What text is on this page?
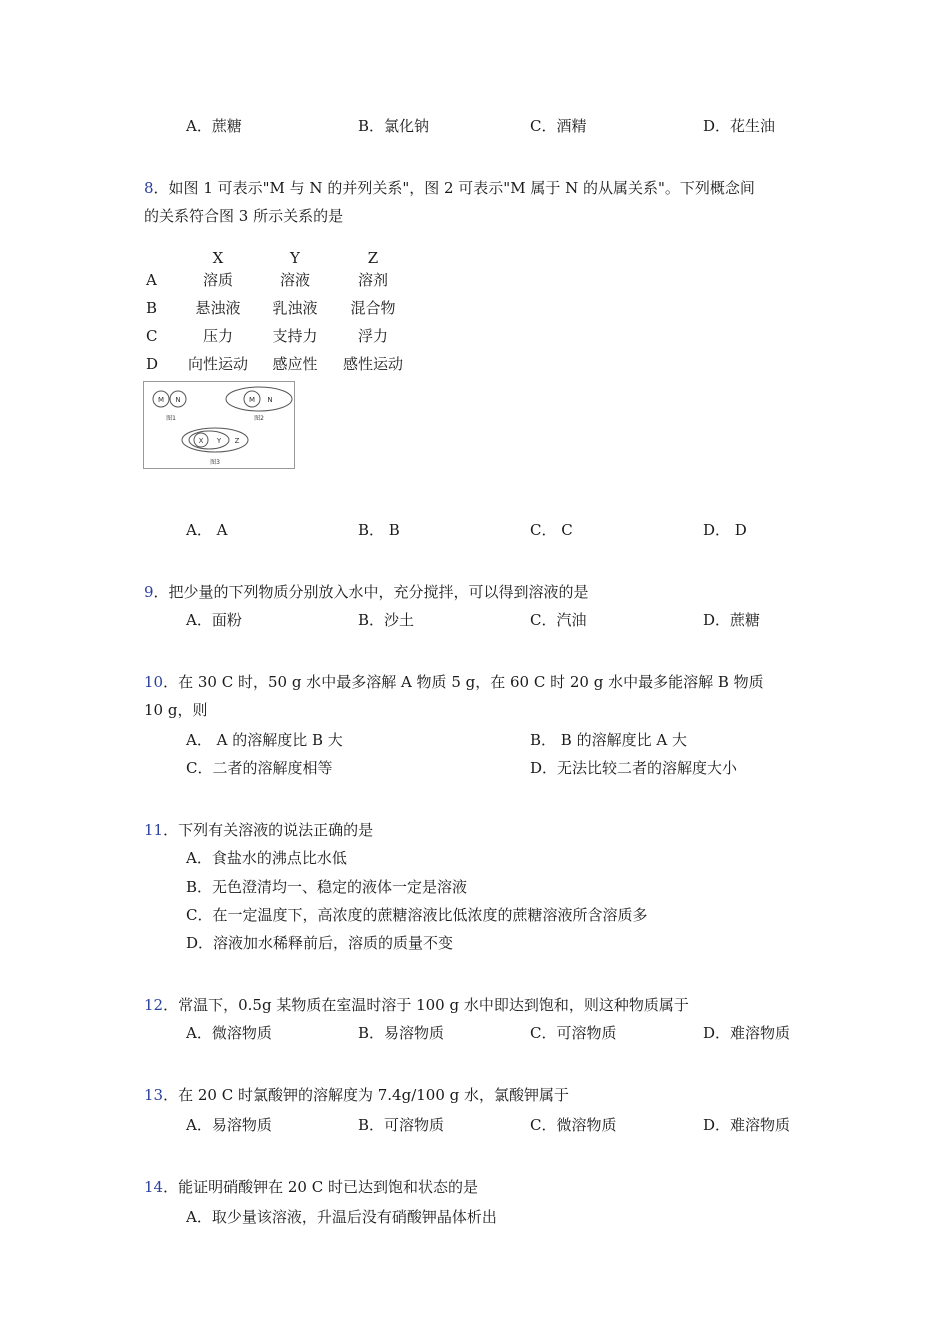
A．蔗糖	B．氯化钠	C．酒精	D．花生油
8．如图 1 可表示"M 与 N 的并列关系"，图 2 可表示"M 属于 N 的从属关系"。下列概念间
的关系符合图 3 所示关系的是
X	Y	Z
A	溶质	溶液	溶剂
B	悬浊液	乳浊液	混合物
C	压力	支持力	浮力
D	向性运动	感应性	感性运动
M N
图1
M N
图2
X Y Z
图3
A． A	B． B	C． C	D． D
9．把少量的下列物质分别放入水中，充分搅拌，可以得到溶液的是
A．面粉	B．沙土	C．汽油	D．蔗糖
10．在 30 C 时，50 g 水中最多溶解 A 物质 5 g，在 60 C 时 20 g 水中最多能溶解 B 物质
10 g，则
A． A 的溶解度比 B 大	B． B 的溶解度比 A 大
C．二者的溶解度相等	D．无法比较二者的溶解度大小
11．下列有关溶液的说法正确的是
A．食盐水的沸点比水低
B．无色澄清均一、稳定的液体一定是溶液
C．在一定温度下，高浓度的蔗糖溶液比低浓度的蔗糖溶液所含溶质多
D．溶液加水稀释前后，溶质的质量不变
12．常温下，0.5g 某物质在室温时溶于 100 g 水中即达到饱和，则这种物质属于
A．微溶物质	B．易溶物质	C．可溶物质	D．难溶物质
13．在 20 C 时氯酸钾的溶解度为 7.4g/100 g 水，氯酸钾属于
A．易溶物质	B．可溶物质	C．微溶物质	D．难溶物质
14．能证明硝酸钾在 20 C 时已达到饱和状态的是
A．取少量该溶液，升温后没有硝酸钾晶体析出
